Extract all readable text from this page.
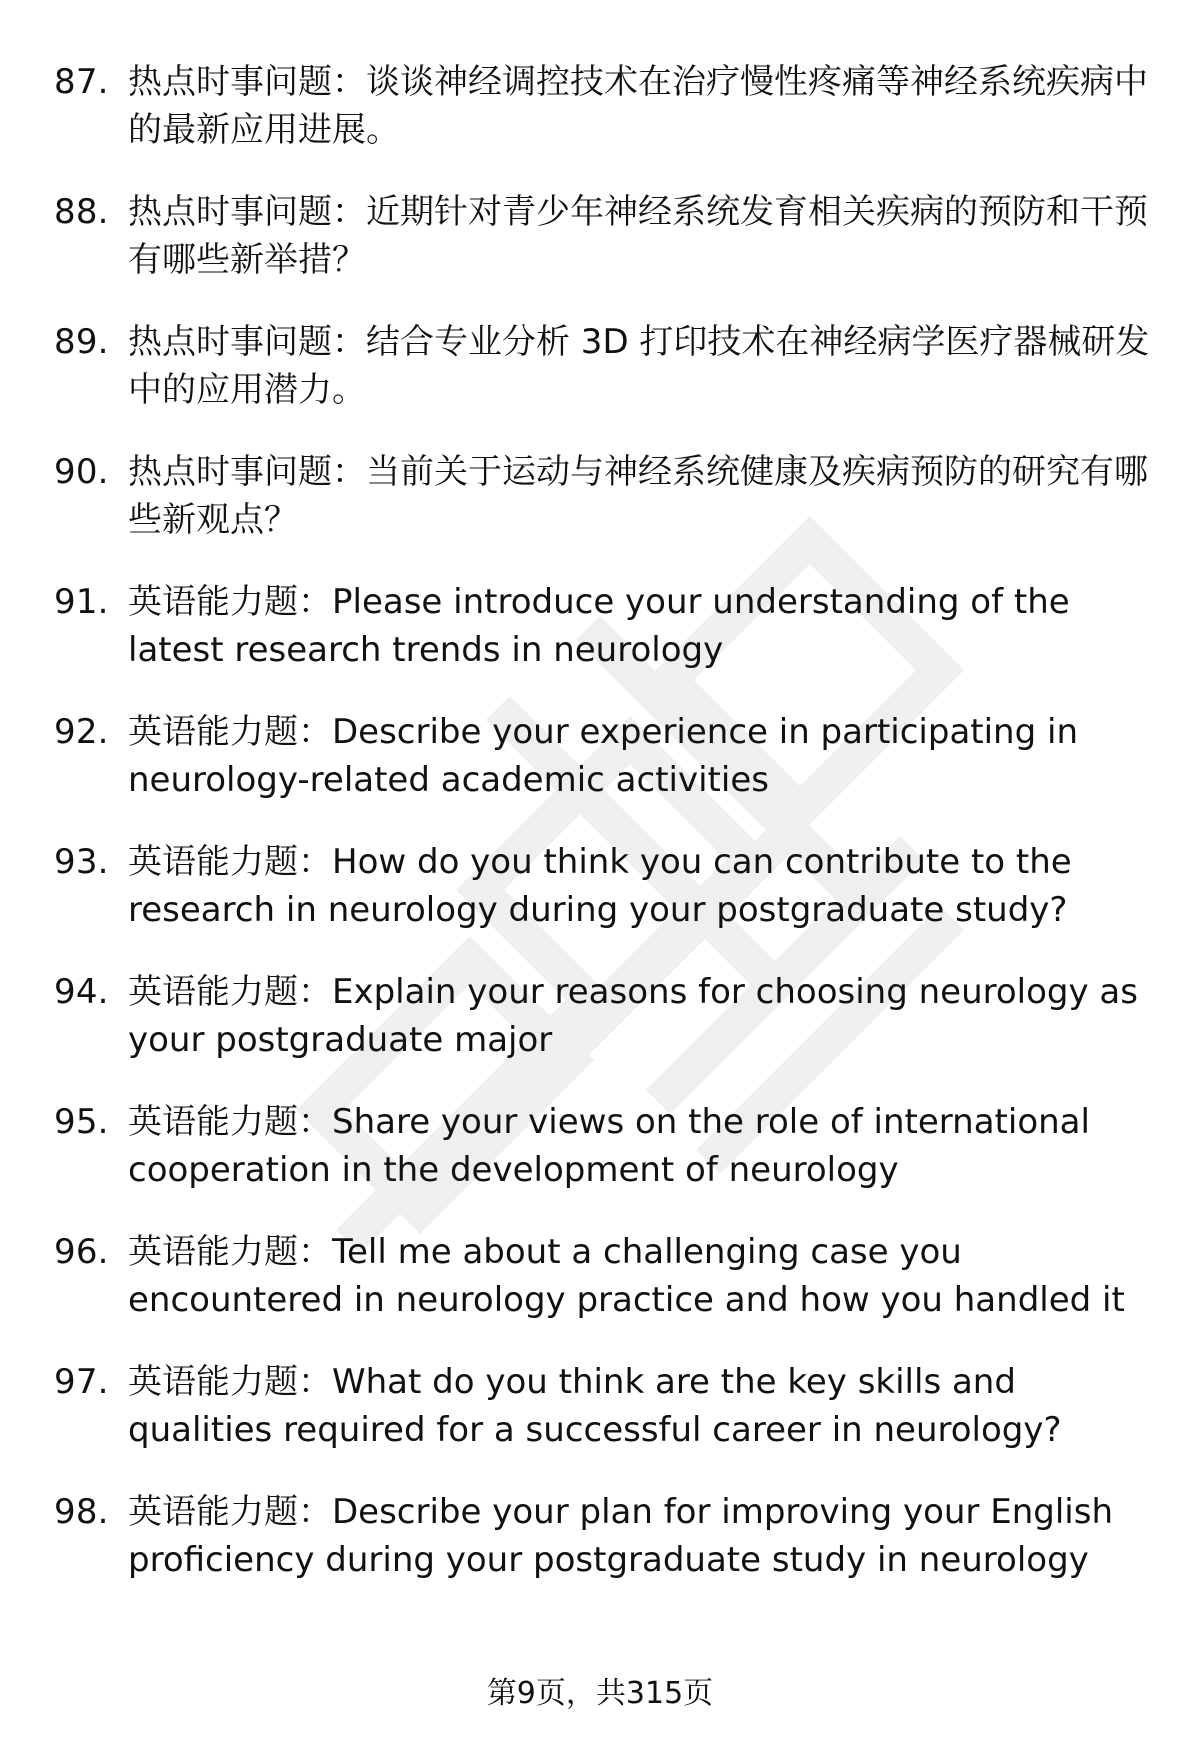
87. 热点时事问题：谈谈神经调控技术在治疗慢性疼痛等神经系统疾病中的最新应用进展。
88. 热点时事问题：近期针对青少年神经系统发育相关疾病的预防和干预有哪些新举措？
89. 热点时事问题：结合专业分析 3D 打印技术在神经病学医疗器械研发中的应用潜力。
90. 热点时事问题：当前关于运动与神经系统健康及疾病预防的研究有哪些新观点？
91. 英语能力题：Please introduce your understanding of the latest research trends in neurology
92. 英语能力题：Describe your experience in participating in neurology-related academic activities
93. 英语能力题：How do you think you can contribute to the research in neurology during your postgraduate study?
94. 英语能力题：Explain your reasons for choosing neurology as your postgraduate major
95. 英语能力题：Share your views on the role of international cooperation in the development of neurology
96. 英语能力题：Tell me about a challenging case you encountered in neurology practice and how you handled it
97. 英语能力题：What do you think are the key skills and qualities required for a successful career in neurology?
98. 英语能力题：Describe your plan for improving your English proficiency during your postgraduate study in neurology
第9页，共315页
